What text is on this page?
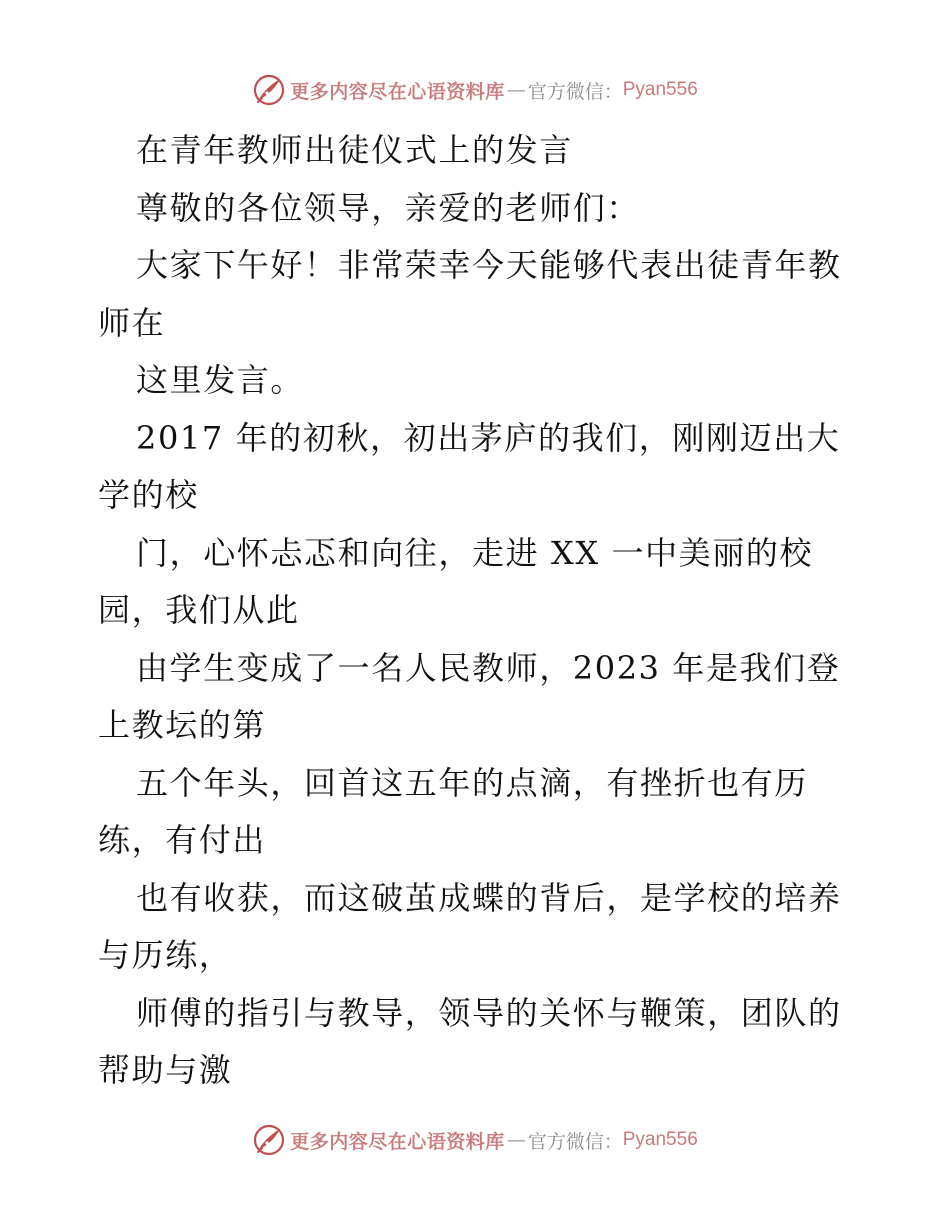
更多内容尽在心语资料库 — 官方微信： Pyan556
在青年教师出徒仪式上的发言
尊敬的各位领导，亲爱的老师们：
大家下午好！非常荣幸今天能够代表出徒青年教
师在
这里发言。
2017 年的初秋，初出茅庐的我们，刚刚迈出大
学的校
门，心怀忐忑和向往，走进 XX 一中美丽的校
园，我们从此
由学生变成了一名人民教师，2023 年是我们登
上教坛的第
五个年头，回首这五年的点滴，有挫折也有历
练，有付出
也有收获，而这破茧成蝶的背后，是学校的培养
与历练，
师傅的指引与教导，领导的关怀与鞭策，团队的
帮助与激
更多内容尽在心语资料库 — 官方微信： Pyan556
